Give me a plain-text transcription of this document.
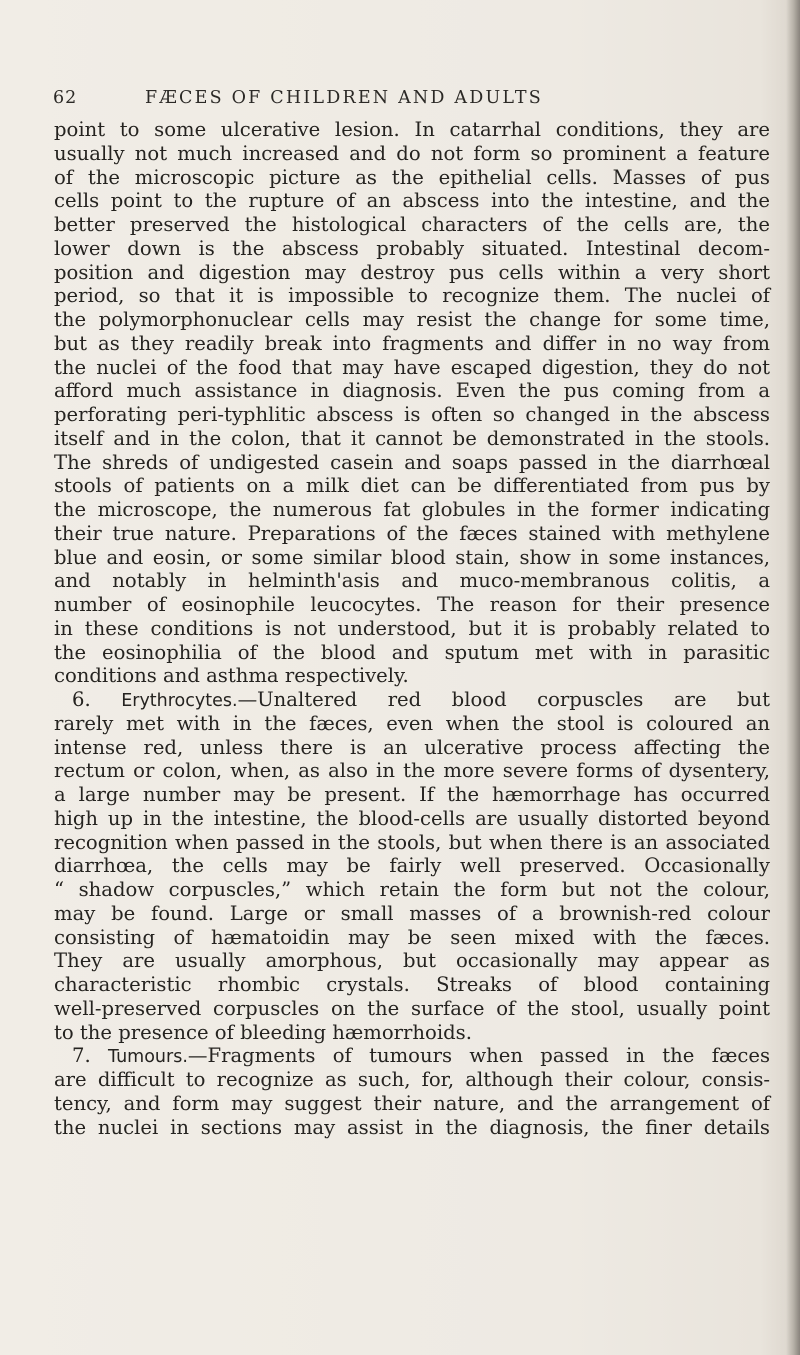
62	FÆCES OF CHILDREN AND ADULTS
point to some ulcerative lesion. In catarrhal conditions, they are
usually not much increased and do not form so prominent a feature
of the microscopic picture as the epithelial cells. Masses of pus
cells point to the rupture of an abscess into the intestine, and the
better preserved the histological characters of the cells are, the
lower down is the abscess probably situated. Intestinal decom-
position and digestion may destroy pus cells within a very short
period, so that it is impossible to recognize them. The nuclei of
the polymorphonuclear cells may resist the change for some time,
but as they readily break into fragments and differ in no way from
the nuclei of the food that may have escaped digestion, they do not
afford much assistance in diagnosis. Even the pus coming from a
perforating peri-typhlitic abscess is often so changed in the abscess
itself and in the colon, that it cannot be demonstrated in the stools.
The shreds of undigested casein and soaps passed in the diarrhœal
stools of patients on a milk diet can be differentiated from pus by
the microscope, the numerous fat globules in the former indicating
their true nature. Preparations of the fæces stained with methylene
blue and eosin, or some similar blood stain, show in some instances,
and notably in helminth'asis and muco-membranous colitis, a
number of eosinophile leucocytes. The reason for their presence
in these conditions is not understood, but it is probably related to
the eosinophilia of the blood and sputum met with in parasitic
conditions and asthma respectively.
6. Erythrocytes.—Unaltered red blood corpuscles are but
rarely met with in the fæces, even when the stool is coloured an
intense red, unless there is an ulcerative process affecting the
rectum or colon, when, as also in the more severe forms of dysentery,
a large number may be present. If the hæmorrhage has occurred
high up in the intestine, the blood-cells are usually distorted beyond
recognition when passed in the stools, but when there is an associated
diarrhœa, the cells may be fairly well preserved. Occasionally
“ shadow corpuscles,” which retain the form but not the colour,
may be found. Large or small masses of a brownish-red colour
consisting of hæmatoidin may be seen mixed with the fæces.
They are usually amorphous, but occasionally may appear as
characteristic rhombic crystals. Streaks of blood containing
well-preserved corpuscles on the surface of the stool, usually point
to the presence of bleeding hæmorrhoids.
7. Tumours.—Fragments of tumours when passed in the fæces
are difficult to recognize as such, for, although their colour, consis-
tency, and form may suggest their nature, and the arrangement of
the nuclei in sections may assist in the diagnosis, the finer details
